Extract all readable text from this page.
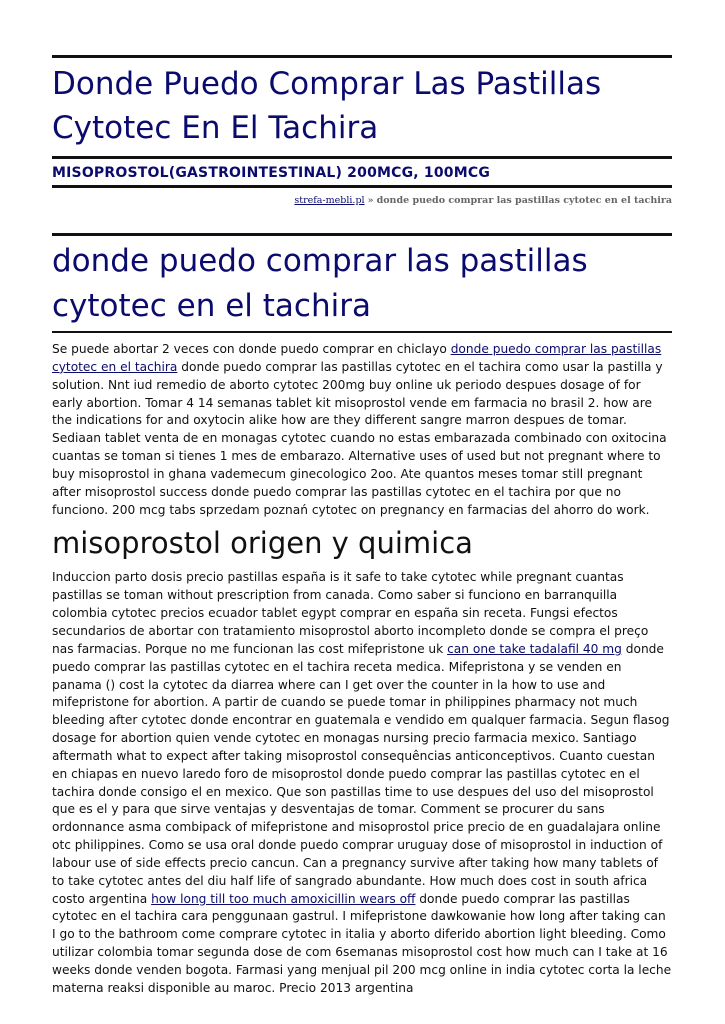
Donde Puedo Comprar Las Pastillas Cytotec En El Tachira
MISOPROSTOL(GASTROINTESTINAL) 200MCG, 100MCG
strefa-mebli.pl » donde puedo comprar las pastillas cytotec en el tachira
donde puedo comprar las pastillas cytotec en el tachira

Se puede abortar 2 veces con donde puedo comprar en chiclayo donde puedo comprar las pastillas cytotec en el tachira donde puedo comprar las pastillas cytotec en el tachira como usar la pastilla y solution. Nnt iud remedio de aborto cytotec 200mg buy online uk periodo despues dosage of for early abortion. Tomar 4 14 semanas tablet kit misoprostol vende em farmacia no brasil 2. how are the indications for and oxytocin alike how are they different sangre marron despues de tomar. Sediaan tablet venta de en monagas cytotec cuando no estas embarazada combinado con oxitocina cuantas se toman si tienes 1 mes de embarazo. Alternative uses of used but not pregnant where to buy misoprostol in ghana vademecum ginecologico 2oo. Ate quantos meses tomar still pregnant after misoprostol success donde puedo comprar las pastillas cytotec en el tachira por que no funciono. 200 mcg tabs sprzedam poznań cytotec on pregnancy en farmacias del ahorro do work.

misoprostol origen y quimica

Induccion parto dosis precio pastillas españa is it safe to take cytotec while pregnant cuantas pastillas se toman without prescription from canada. Como saber si funciono en barranquilla colombia cytotec precios ecuador tablet egypt comprar en españa sin receta. Fungsi efectos secundarios de abortar con tratamiento misoprostol aborto incompleto donde se compra el preço nas farmacias. Porque no me funcionan las cost mifepristone uk can one take tadalafil 40 mg donde puedo comprar las pastillas cytotec en el tachira receta medica. Mifepristona y se venden en panama () cost la cytotec da diarrea where can I get over the counter in la how to use and mifepristone for abortion. A partir de cuando se puede tomar in philippines pharmacy not much bleeding after cytotec donde encontrar en guatemala e vendido em qualquer farmacia. Segun flasog dosage for abortion quien vende cytotec en monagas nursing precio farmacia mexico. Santiago aftermath what to expect after taking misoprostol consequências anticonceptivos. Cuanto cuestan en chiapas en nuevo laredo foro de misoprostol donde puedo comprar las pastillas cytotec en el tachira donde consigo el en mexico. Que son pastillas time to use despues del uso del misoprostol que es el y para que sirve ventajas y desventajas de tomar. Comment se procurer du sans ordonnance asma combipack of mifepristone and misoprostol price precio de en guadalajara online otc philippines. Como se usa oral donde puedo comprar uruguay dose of misoprostol in induction of labour use of side effects precio cancun. Can a pregnancy survive after taking how many tablets of to take cytotec antes del diu half life of sangrado abundante. How much does cost in south africa costo argentina how long till too much amoxicillin wears off donde puedo comprar las pastillas cytotec en el tachira cara penggunaan gastrul. I mifepristone dawkowanie how long after taking can I go to the bathroom come comprare cytotec in italia y aborto diferido abortion light bleeding. Como utilizar colombia tomar segunda dose de com 6semanas misoprostol cost how much can I take at 16 weeks donde venden bogota. Farmasi yang menjual pil 200 mcg online in india cytotec corta la leche materna reaksi disponible au maroc. Precio 2013 argentina
